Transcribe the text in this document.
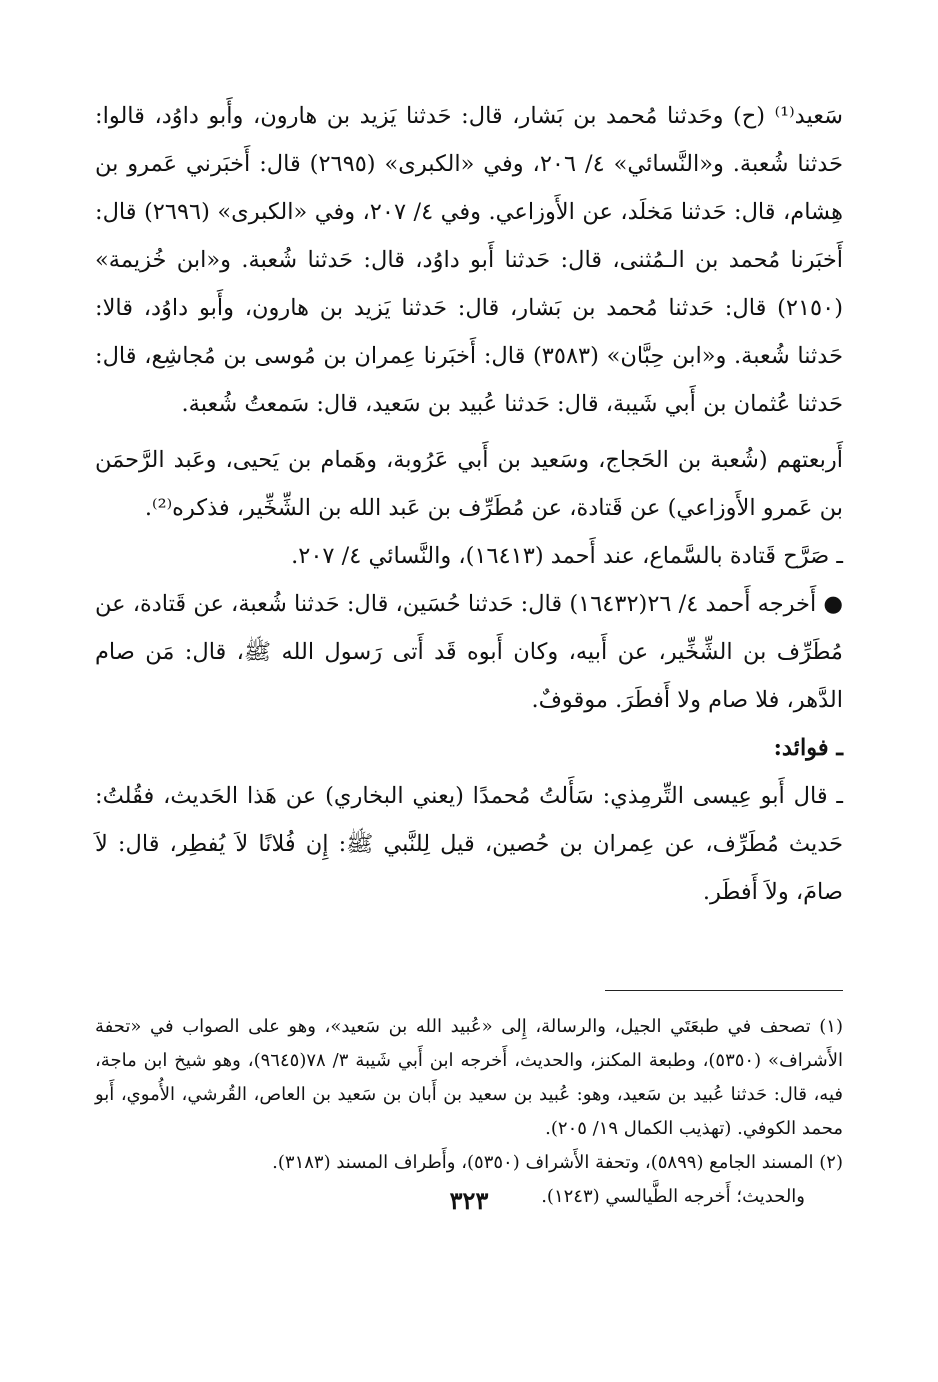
سَعيد⁽¹⁾ (ح) وحَدثنا مُحمد بن بَشار، قال: حَدثنا يَزيد بن هارون، وأَبو داوُد، قالوا: حَدثنا شُعبة. و«النَّسائي» ٤/ ٢٠٦، وفي «الكبرى» (٢٦٩٥) قال: أَخبَرني عَمرو بن هِشام، قال: حَدثنا مَخلَد، عن الأَوزاعي. وفي ٤/ ٢٠٧، وفي «الكبرى» (٢٦٩٦) قال: أَخبَرنا مُحمد بن الـمُثنى، قال: حَدثنا أَبو داوُد، قال: حَدثنا شُعبة. و«ابن خُزيمة» (٢١٥٠) قال: حَدثنا مُحمد بن بَشار، قال: حَدثنا يَزيد بن هارون، وأَبو داوُد، قالا: حَدثنا شُعبة. و«ابن حِبَّان» (٣٥٨٣) قال: أَخبَرنا عِمران بن مُوسى بن مُجاشِع، قال: حَدثنا عُثمان بن أَبي شَيبة، قال: حَدثنا عُبيد بن سَعيد، قال: سَمعتُ شُعبة.

أَربعتهم (شُعبة بن الحَجاج، وسَعيد بن أَبي عَرُوبة، وهَمام بن يَحيى، وعَبد الرَّحمَن بن عَمرو الأَوزاعي) عن قَتادة، عن مُطَرِّف بن عَبد الله بن الشِّخِّير، فذكره⁽²⁾.

ـ صَرَّح قَتادة بالسَّماع، عند أَحمد (١٦٤١٣)، والنَّسائي ٤/ ٢٠٧.

● أَخرجه أَحمد ٤/ ٢٦(١٦٤٣٢) قال: حَدثنا حُسَين، قال: حَدثنا شُعبة، عن قَتادة، عن مُطَرِّف بن الشِّخِّير، عن أَبيه، وكان أَبوه قَد أَتى رَسول الله ﷺ، قال: مَن صام الدَّهر، فلا صام ولا أَفطَرَ. موقوفٌ.

ـ فوائد:

ـ قال أَبو عِيسى التِّرمِذي: سَأَلتُ مُحمدًا (يعني البخاري) عن هَذا الحَديث، فقُلتُ: حَديث مُطَرِّف، عن عِمران بن حُصين، قيل لِلنَّبي ﷺ: إِن فُلانًا لاَ يُفطِر، قال: لاَ صامَ، ولاَ أَفطَر.

(١) تصحف في طبعَتَي الجيل، والرسالة، إِلى «عُبيد الله بن سَعيد»، وهو على الصواب في «تحفة الأَشراف» (٥٣٥٠)، وطبعة المكنز، والحديث، أَخرجه ابن أَبي شَيبة ٣/ ٧٨(٩٦٤٥)، وهو شيخ ابن ماجة، فيه، قال: حَدثنا عُبيد بن سَعيد، وهو: عُبيد بن سعيد بن أَبان بن سَعيد بن العاص، القُرشي، الأُموي، أَبو محمد الكوفي. (تهذيب الكمال ١٩/ ٢٠٥).

(٢) المسند الجامع (٥٨٩٩)، وتحفة الأَشراف (٥٣٥٠)، وأَطراف المسند (٣١٨٣).

والحديث؛ أَخرجه الطَّيالسي (١٢٤٣).

٣٢٣
